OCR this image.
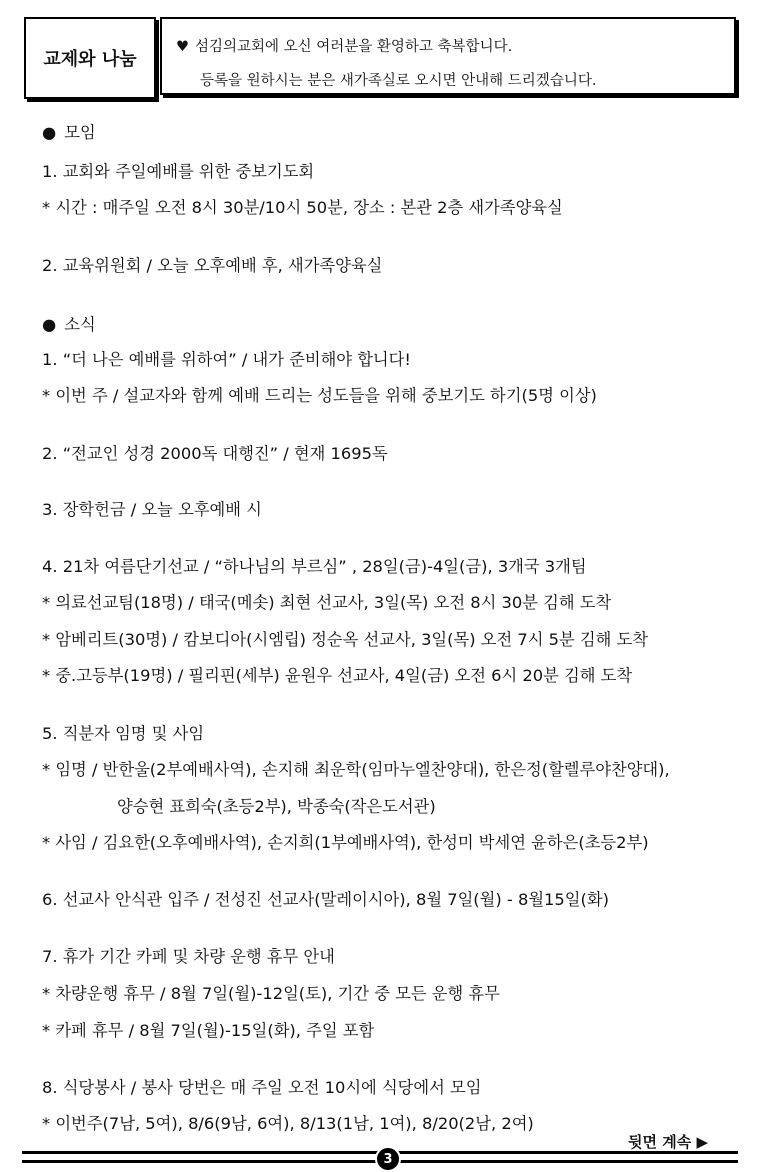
교제와 나눔
♥ 섬김의교회에 오신 여러분을 환영하고 축복합니다.
등록을 원하시는 분은 새가족실로 오시면 안내해 드리겠습니다.
● 모임
1. 교회와 주일예배를 위한 중보기도회
* 시간 : 매주일 오전 8시 30분/10시 50분, 장소 : 본관 2층 새가족양육실
2. 교육위원회 / 오늘 오후예배 후, 새가족양육실
● 소식
1. “더 나은 예배를 위하여” / 내가 준비해야 합니다!
* 이번 주 / 설교자와 함께 예배 드리는 성도들을 위해 중보기도 하기(5명 이상)
2. “전교인 성경 2000독 대행진” / 현재 1695독
3. 장학헌금 / 오늘 오후예배 시
4. 21차 여름단기선교 / “하나님의 부르심” , 28일(금)-4일(금), 3개국 3개팀
* 의료선교팀(18명) / 태국(메솟) 최현 선교사, 3일(목) 오전 8시 30분 김해 도착
* 암베리트(30명) / 캄보디아(시엠립) 정순옥 선교사, 3일(목) 오전 7시 5분 김해 도착
* 중.고등부(19명) / 필리핀(세부) 윤원우 선교사, 4일(금) 오전 6시 20분 김해 도착
5. 직분자 임명 및 사임
* 임명 / 반한울(2부예배사역), 손지해 최운학(임마누엘찬양대), 한은정(할렐루야찬양대),
양승현 표희숙(초등2부), 박종숙(작은도서관)
* 사임 / 김요한(오후예배사역), 손지희(1부예배사역), 한성미 박세연 윤하은(초등2부)
6. 선교사 안식관 입주 / 전성진 선교사(말레이시아), 8월 7일(월) - 8월15일(화)
7. 휴가 기간 카페 및 차량 운행 휴무 안내
* 차량운행 휴무 / 8월 7일(월)-12일(토), 기간 중 모든 운행 휴무
* 카페 휴무 / 8월 7일(월)-15일(화), 주일 포함
8. 식당봉사 / 봉사 당번은 매 주일 오전 10시에 식당에서 모임
* 이번주(7남, 5여), 8/6(9남, 6여), 8/13(1남, 1여), 8/20(2남, 2여)
뒷면 계속 ▶
3
